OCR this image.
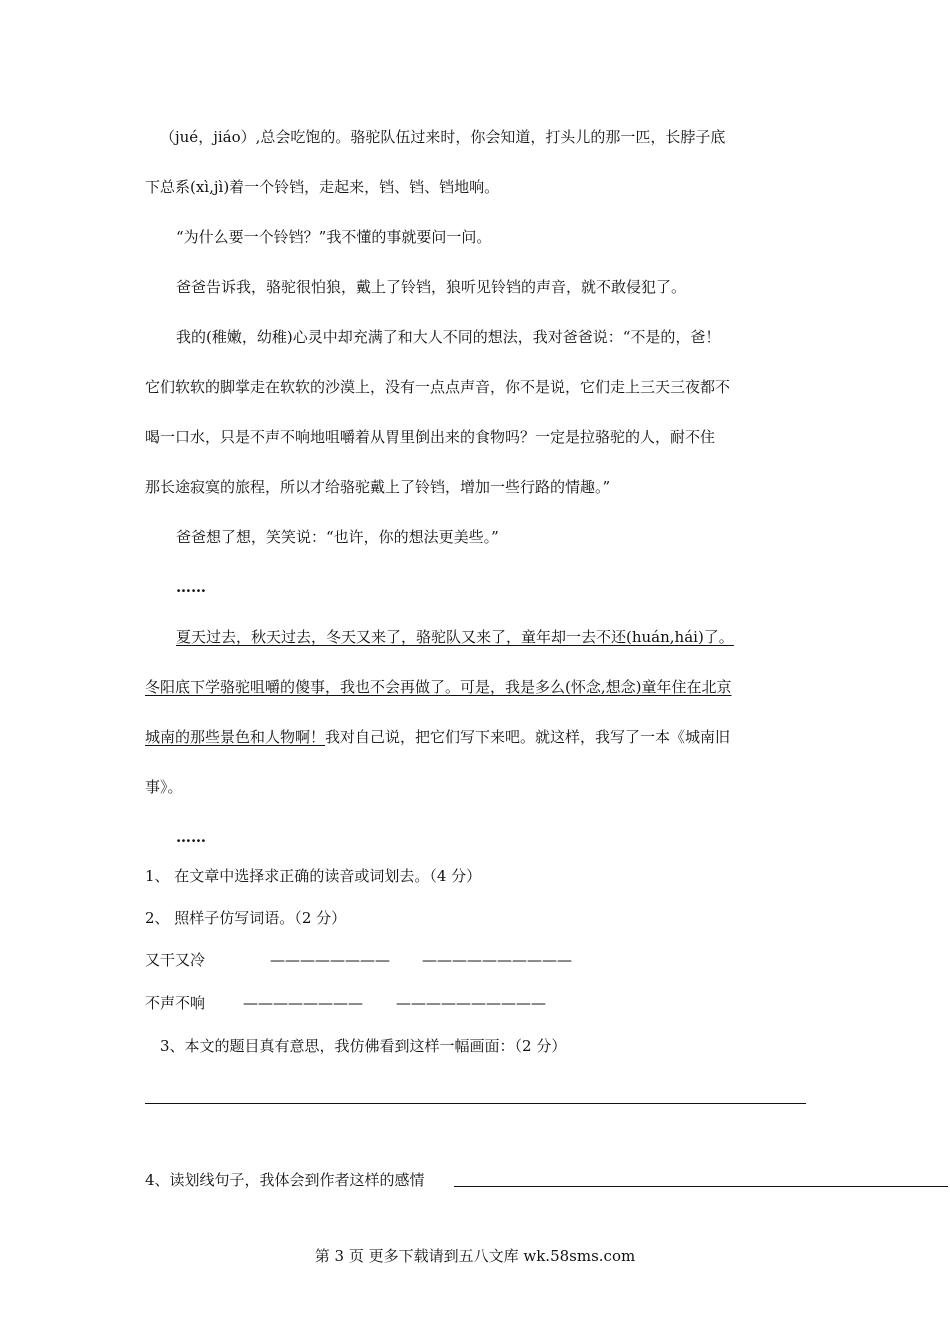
（jué，jiáo）,总会吃饱的。骆驼队伍过来时，你会知道，打头儿的那一匹，长脖子底
下总系(xì,jì)着一个铃铛，走起来，铛、铛、铛地响。
“为什么要一个铃铛？”我不懂的事就要问一问。
爸爸告诉我，骆驼很怕狼，戴上了铃铛，狼听见铃铛的声音，就不敢侵犯了。
我的(稚嫩，幼稚)心灵中却充满了和大人不同的想法，我对爸爸说：“不是的，爸！
它们软软的脚掌走在软软的沙漠上，没有一点点声音，你不是说，它们走上三天三夜都不
喝一口水，只是不声不响地咀嚼着从胃里倒出来的食物吗？一定是拉骆驼的人，耐不住
那长途寂寞的旅程，所以才给骆驼戴上了铃铛，增加一些行路的情趣。”
爸爸想了想，笑笑说：“也许，你的想法更美些。”
……
夏天过去，秋天过去，冬天又来了，骆驼队又来了，童年却一去不还(huán,hái)了。
冬阳底下学骆驼咀嚼的傻事，我也不会再做了。可是，我是多么(怀念,想念)童年住在北京
城南的那些景色和人物啊！我对自己说，把它们写下来吧。就这样，我写了一本《城南旧
事》。
……
1、 在文章中选择求正确的读音或词划去。（4 分）
2、 照样子仿写词语。（2 分）
又干又冷	———————— ——————————
不声不响	———————— ——————————
3、本文的题目真有意思，我仿佛看到这样一幅画面：（2 分）
4、读划线句子，我体会到作者这样的感情
第 3 页 更多下载请到五八文库 wk.58sms.com
